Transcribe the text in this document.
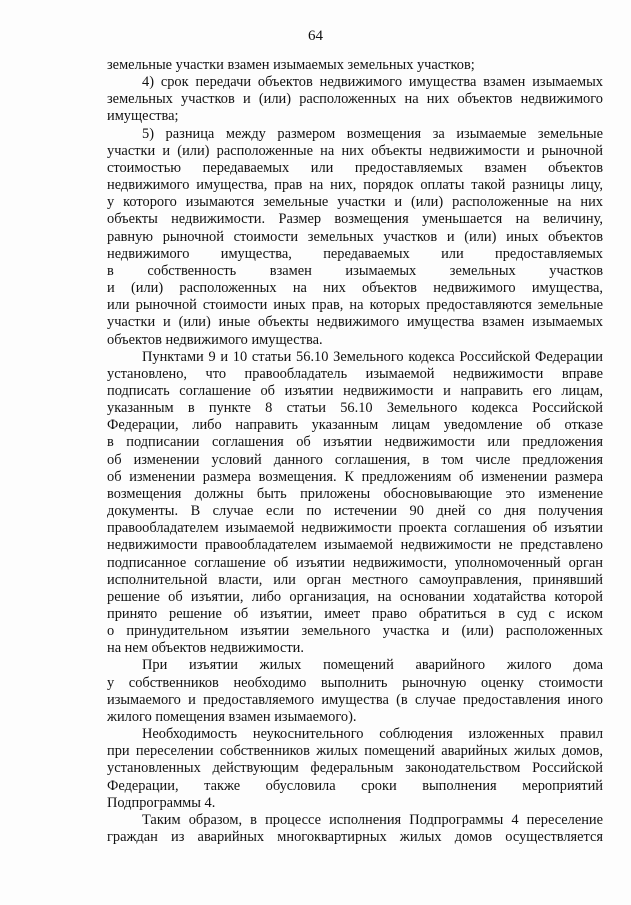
64

земельные участки взамен изымаемых земельных участков;

4) срок передачи объектов недвижимого имущества взамен изымаемых
земельных участков и (или) расположенных на них объектов недвижимого
имущества;

5) разница между размером возмещения за изымаемые земельные
участки и (или) расположенные на них объекты недвижимости и рыночной
стоимостью передаваемых или предоставляемых взамен объектов
недвижимого имущества, прав на них, порядок оплаты такой разницы лицу,
у которого изымаются земельные участки и (или) расположенные на них
объекты недвижимости. Размер возмещения уменьшается на величину,
равную рыночной стоимости земельных участков и (или) иных объектов
недвижимого имущества, передаваемых или предоставляемых
в собственность взамен изымаемых земельных участков
и (или) расположенных на них объектов недвижимого имущества,
или рыночной стоимости иных прав, на которых предоставляются земельные
участки и (или) иные объекты недвижимого имущества взамен изымаемых
объектов недвижимого имущества.

Пунктами 9 и 10 статьи 56.10 Земельного кодекса Российской Федерации
установлено, что правообладатель изымаемой недвижимости вправе
подписать соглашение об изъятии недвижимости и направить его лицам,
указанным в пункте 8 статьи 56.10 Земельного кодекса Российской
Федерации, либо направить указанным лицам уведомление об отказе
в подписании соглашения об изъятии недвижимости или предложения
об изменении условий данного соглашения, в том числе предложения
об изменении размера возмещения. К предложениям об изменении размера
возмещения должны быть приложены обосновывающие это изменение
документы. В случае если по истечении 90 дней со дня получения
правообладателем изымаемой недвижимости проекта соглашения об изъятии
недвижимости правообладателем изымаемой недвижимости не представлено
подписанное соглашение об изъятии недвижимости, уполномоченный орган
исполнительной власти, или орган местного самоуправления, принявший
решение об изъятии, либо организация, на основании ходатайства которой
принято решение об изъятии, имеет право обратиться в суд с иском
о принудительном изъятии земельного участка и (или) расположенных
на нем объектов недвижимости.

При изъятии жилых помещений аварийного жилого дома
у собственников необходимо выполнить рыночную оценку стоимости
изымаемого и предоставляемого имущества (в случае предоставления иного
жилого помещения взамен изымаемого).

Необходимость неукоснительного соблюдения изложенных правил
при переселении собственников жилых помещений аварийных жилых домов,
установленных действующим федеральным законодательством Российской
Федерации, также обусловила сроки выполнения мероприятий
Подпрограммы 4.

Таким образом, в процессе исполнения Подпрограммы 4 переселение
граждан из аварийных многоквартирных жилых домов осуществляется
